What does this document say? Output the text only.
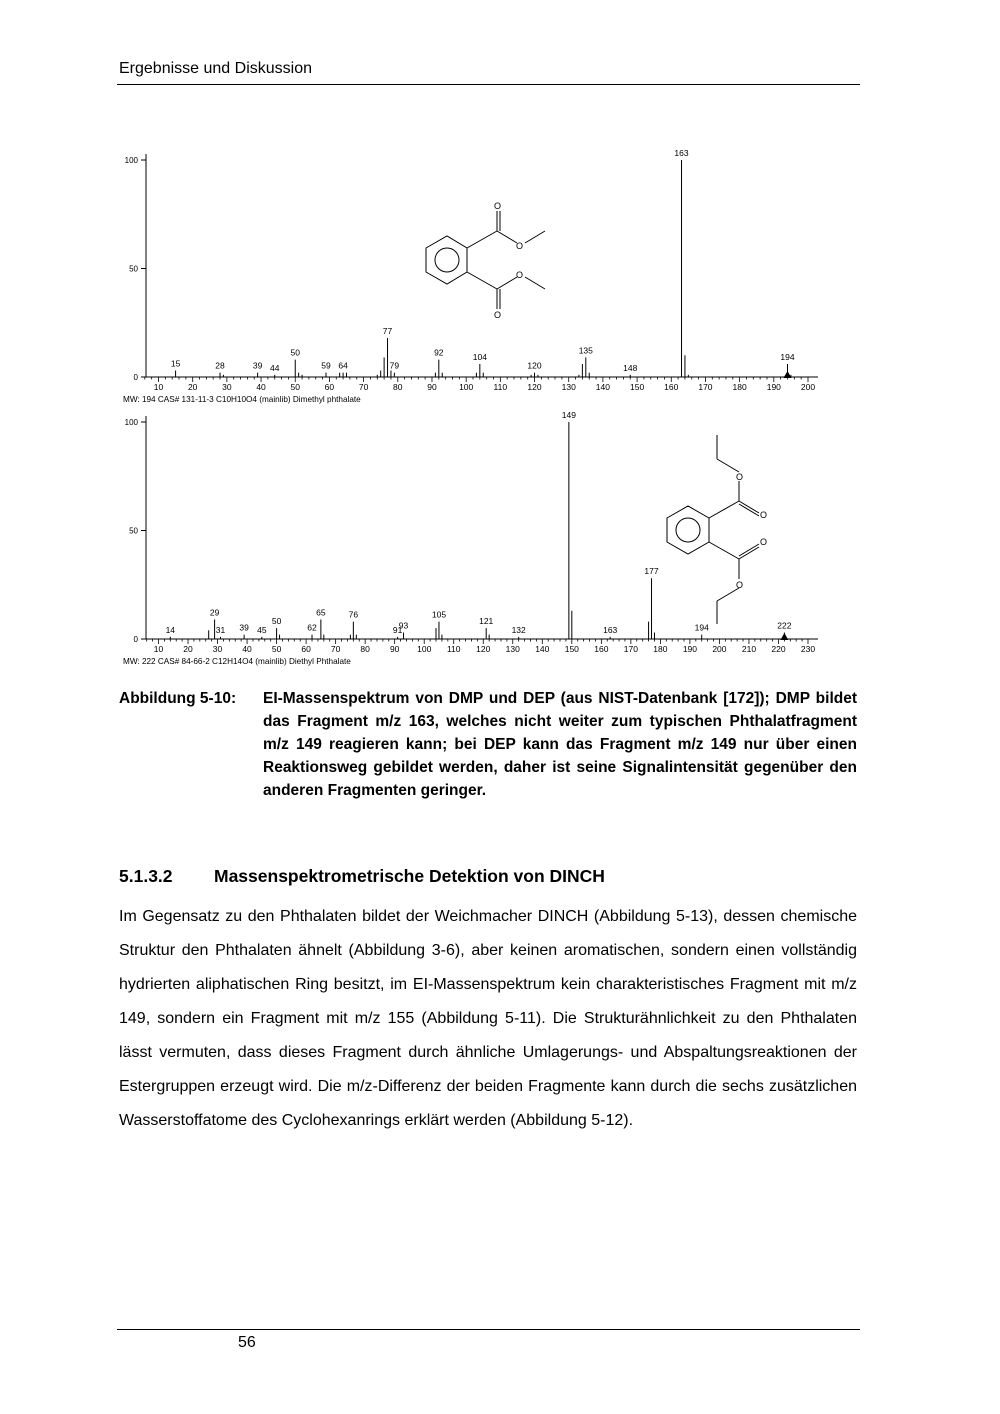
Ergebnisse und Diskussion
O
O
O
O
O
O
O
O
0
50
100
10	20	30	40	50	60	70	80	90	100 110 120 130 140 150 160 170 180 190 200
15	28	39 44
50
59 64
77
79
92	104
120
135
148
163
194
MW: 194 CAS# 131-11-3 C10H10O4 (mainlib) Dimethyl phthalate
0
50
100
10 20 30 40 50 60 70 80 90 100 110 120 130 140 150 160 170 180 190 200 210 220 230
14
29
31 39 45
50
62
65	76
91
93
105
121
132
149
163
177
194	222
MW: 222 CAS# 84-66-2 C12H14O4 (mainlib) Diethyl Phthalate
Abbildung 5-10: EI-Massenspektrum von DMP und DEP (aus NIST-Datenbank [172]); DMP bildet das Fragment m/z 163, welches nicht weiter zum typischen Phthalatfragment m/z 149 reagieren kann; bei DEP kann das Fragment m/z 149 nur über einen Reaktionsweg gebildet werden, daher ist seine Signalintensität gegenüber den anderen Fragmenten geringer.
5.1.3.2 Massenspektrometrische Detektion von DINCH

Im Gegensatz zu den Phthalaten bildet der Weichmacher DINCH (Abbildung 5-13), dessen chemische Struktur den Phthalaten ähnelt (Abbildung 3-6), aber keinen aromatischen, sondern einen vollständig hydrierten aliphatischen Ring besitzt, im EI-Massenspektrum kein charakteristisches Fragment mit m/z 149, sondern ein Fragment mit m/z 155 (Abbildung 5-11). Die Strukturähnlichkeit zu den Phthalaten lässt vermuten, dass dieses Fragment durch ähnliche Umlagerungs- und Abspaltungsreaktionen der Estergruppen erzeugt wird. Die m/z-Differenz der beiden Fragmente kann durch die sechs zusätzlichen Wasserstoffatome des Cyclohexanrings erklärt werden (Abbildung 5-12).

56
